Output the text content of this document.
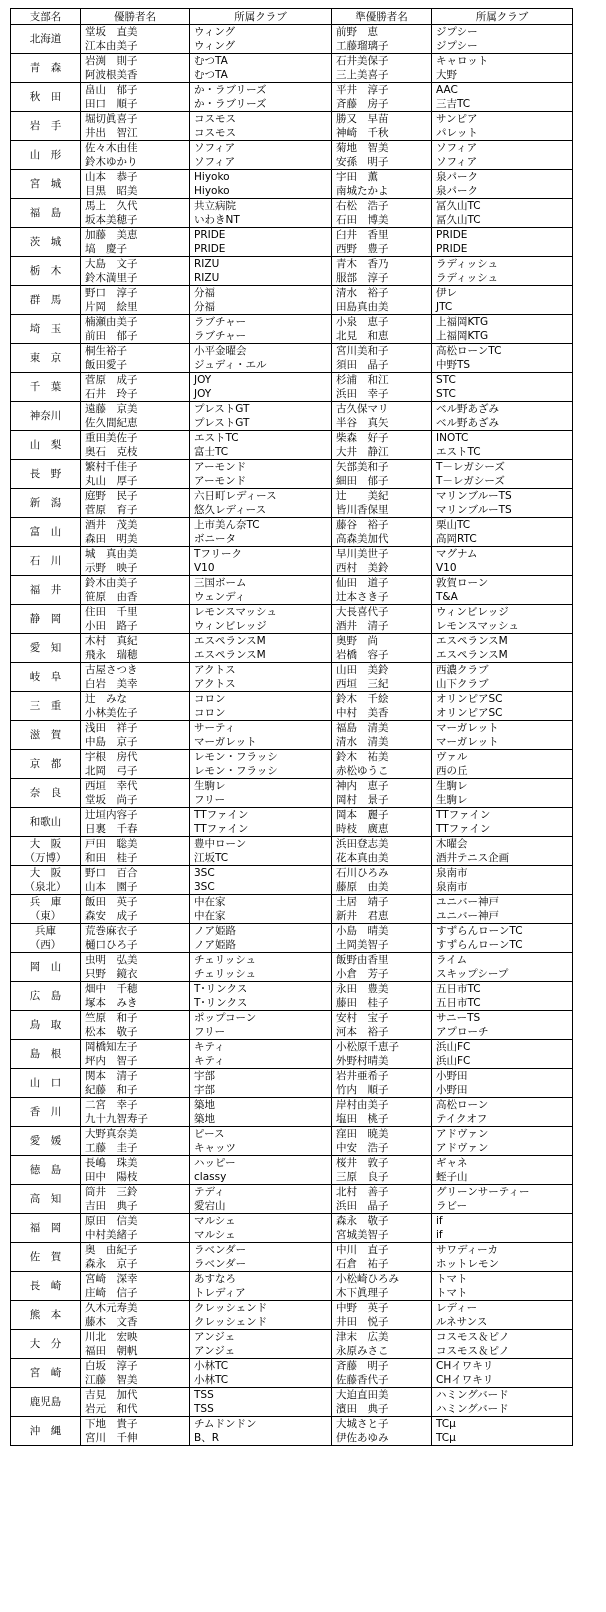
支部名	優勝者名	所属クラブ	準優勝者名	所属クラブ

北海道	堂坂　直美	ウィング	前野　恵	ジプシー
	江本由美子	ウィング	工藤瑠璃子	ジプシー

青　森	岩渕　則子	むつTA	石井美保子	キャロット
	阿波根美香	むつTA	三上美喜子	大野

秋　田	畠山　郁子	か・ラブリーズ	平井　淳子	AAC
	田口　順子	か・ラブリーズ	斉藤　房子	三吉TC

岩　手	堀切眞喜子	コスモス	勝又　早苗	サンピア
	井出　智江	コスモス	神崎　千秋	パレット

山　形	佐々木由佳	ソフィア	菊地　智美	ソフィア
	鈴木ゆかり	ソフィア	安孫　明子	ソフィア

宮　城	山本　恭子	Hiyoko	宇田　薫	泉パーク
	目黒　昭美	Hiyoko	南城たかよ	泉パーク

福　島	馬上　久代	共立病院	右松　浩子	冨久山TC
	坂本美穂子	いわきNT	石田　博美	冨久山TC

茨　城	加藤　美恵	PRIDE	臼井　香里	PRIDE
	塙　慶子	PRIDE	西野　豊子	PRIDE

栃　木	大島　文子	RIZU	青木　香乃	ラディッシュ
	鈴木満里子	RIZU	服部　淳子	ラディッシュ

群　馬	野口　淳子	分福	清水　裕子	伊レ
	片岡　絵里	分福	田島真由美	JTC

埼　玉	楠瀬由美子	ラブチャー	小泉　恵子	上福岡KTG
	前田　郁子	ラブチャー	北見　和恵	上福岡KTG

東　京	桐生裕子	小平金曜会	宮川美和子	高松ローンTC
	飯田愛子	ジュディ・エル	須田　晶子	中野TS

千　葉	菅原　成子	JOY	杉浦　和江	STC
	石井　玲子	JOY	浜田　幸子	STC

神奈川	遠藤　京美	プレストGT	古久保マリ	ベル野あざみ
	佐久間紀恵	プレストGT	半谷　真矢	ベル野あざみ

山　梨	重田美佐子	エストTC	柴森　好子	INOTC
	奥石　克枝	富士TC	大井　静江	エストTC

長　野	繁村千佳子	アーモンド	矢部美和子	T－レガシーズ
	丸山　厚子	アーモンド	細田　郁子	T－レガシーズ

新　潟	庭野　民子	六日町レディース	辻　　美紀	マリンブルーTS
	菅原　育子	悠久レディース	皆川香保里	マリンブルーTS

富　山	酒井　茂美	上市美ん奈TC	藤谷　裕子	栗山TC
	森田　明美	ボニータ	高森美加代	高岡RTC

石　川	城　真由美	Tフリーク	早川美世子	マグナム
	示野　映子	V10	西村　美鈴	V10

福　井	鈴木由美子	三国ボーム	仙田　道子	敦賀ローン
	笹原　由香	ウェンディ	辻本さき子	T&A

静　岡	住田　千里	レモンスマッシュ	大長喜代子	ウィンビレッジ
	小田　路子	ウィンビレッジ	酒井　清子	レモンスマッシュ

愛　知	木村　真紀	エスペランスM	奥野　尚	エスペランスM
	飛永　瑞穂	エスペランスM	岩橋　容子	エスペランスM

岐　阜	古屋さつき	アクトス	山田　美鈴	西濃クラブ
	白岩　美幸	アクトス	西垣　三紀	山下クラブ

三　重	辻　みな	コロン	鈴木　千絵	オリンピアSC
	小林美佐子	コロン	中村　美香	オリンピアSC

滋　賀	浅田　祥子	サーティ	福島　清美	マーガレット
	中島　京子	マーガレット	清水　清美	マーガレット

京　都	宇根　房代	レモン・フラッシ	鈴木　祐美	ヴァル
	北岡　弓子	レモン・フラッシ	赤松ゆうこ	西の丘

奈　良	西垣　幸代	生駒レ	神内　恵子	生駒レ
	堂坂　尚子	フリー	岡村　景子	生駒レ

和歌山	辻垣内容子	TTファイン	岡本　麗子	TTファイン
	日裏　千春	TTファイン	時枝　廣恵	TTファイン

大　阪
（万博）	戸田　聡美	豊中ローン	浜田登志美	木曜会
	和田　桂子	江坂TC	花本真由美	酒井テニス企画

大　阪
（泉北）	野口　百合	3SC	石川ひろみ	泉南市
	山本　園子	3SC	藤原　由美	泉南市

兵　庫
（東）	飯田　英子	中在家	土居　靖子	ユニバー神戸
	森安　成子	中在家	新井　君恵	ユニバー神戸

兵庫
（西）	荒巻麻衣子	ノア姫路	小島　晴美	すずらんローンTC
	樋口ひろ子	ノア姫路	土岡美智子	すずらんローンTC

岡　山	虫明　弘美	チェリッシュ	飯野由香里	ライム
	只野　鏡衣	チェリッシュ	小倉　芳子	スキップシープ

広　島	畑中　千穂	T･リンクス	永田　豊美	五日市TC
	塚本　みき	T･リンクス	藤田　桂子	五日市TC

鳥　取	竺原　和子	ポップコーン	安村　宝子	サニーTS
	松本　敬子	フリー	河本　裕子	アプローチ

島　根	岡橋知左子	キティ	小松原千恵子	浜山FC
	坪内　智子	キティ	外野村晴美	浜山FC

山　口	関本　清子	宇部	岩井亜希子	小野田
	紀藤　和子	宇部	竹内　順子	小野田

香　川	二宮　幸子	築地	岸村由美子	高松ローン
	九十九智寿子	築地	塩田　桃子	テイクオフ

愛　媛	大野真奈美	ピース	窪田　暁美	アドヴァン
	工藤　圭子	キャッツ	中安　浩子	アドヴァン

徳　島	長嶋　珠美	ハッピー	桜井　敦子	ギャネ
	田中　陽枝	classy	三原　良子	蛭子山

高　知	筒井　三鈴	テディ	北村　善子	グリーンサーティー
	吉田　典子	愛宕山	浜田　晶子	ラビー

福　岡	原田　信美	マルシェ	森永　敬子	if
	中村美緒子	マルシェ	宮城美智子	if

佐　賀	奥　由紀子	ラベンダー	中川　直子	サワディーカ
	森永　京子	ラベンダー	石倉　祐子	ホットレモン

長　崎	宮崎　深幸	あすなろ	小松崎ひろみ	トマト
	庄崎　信子	トレディア	木下眞理子	トマト

熊　本	久木元寿美	クレッシェンド	中野　英子	レディー
	藤木　文香	クレッシェンド	井田　悦子	ルネサンス

大　分	川北　宏映	アンジェ	津末　広美	コスモス＆ピノ
	福田　朝帆	アンジェ	永原みさこ	コスモス＆ピノ

宮　崎	白坂　淳子	小林TC	斉藤　明子	CHイワキリ
	江藤　智美	小林TC	佐藤香代子	CHイワキリ

鹿児島	吉見　加代	TSS	大迫直田美	ハミングバード
	岩元　和代	TSS	濱田　典子	ハミングバード

沖　縄	下地　貴子	チムドンドン	大城さと子	TCμ
	宮川　千伸	B、R	伊佐あゆみ	TCμ
